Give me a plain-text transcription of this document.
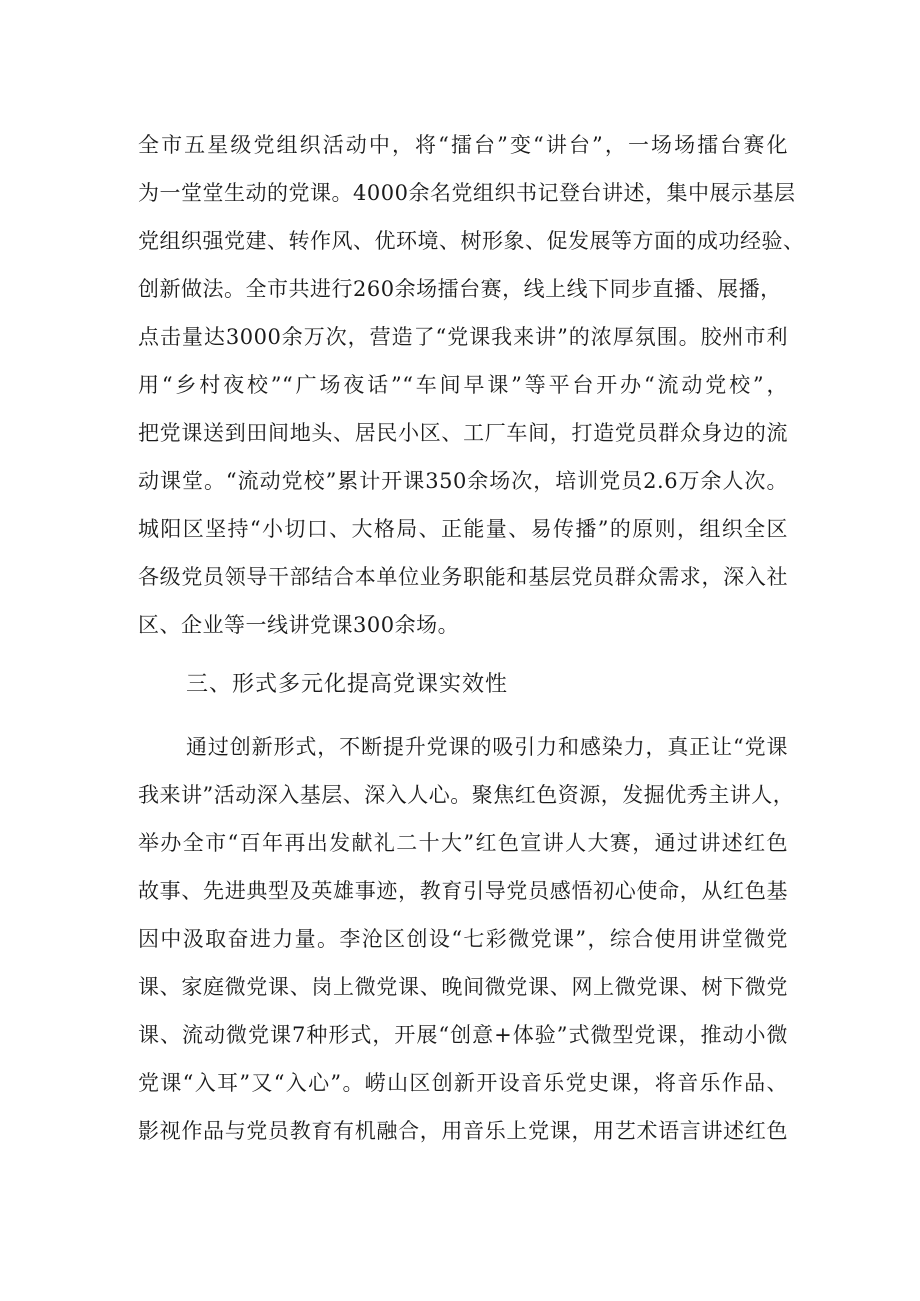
全市五星级党组织活动中，将“擂台”变“讲台”，一场场擂台赛化
为一堂堂生动的党课。4000余名党组织书记登台讲述，集中展示基层
党组织强党建、转作风、优环境、树形象、促发展等方面的成功经验、
创新做法。全市共进行260余场擂台赛，线上线下同步直播、展播，
点击量达3000余万次，营造了“党课我来讲”的浓厚氛围。胶州市利
用“乡村夜校”“广场夜话”“车间早课”等平台开办“流动党校”，
把党课送到田间地头、居民小区、工厂车间，打造党员群众身边的流
动课堂。“流动党校”累计开课350余场次，培训党员2.6万余人次。
城阳区坚持“小切口、大格局、正能量、易传播”的原则，组织全区
各级党员领导干部结合本单位业务职能和基层党员群众需求，深入社
区、企业等一线讲党课300余场。
三、形式多元化提高党课实效性
通过创新形式，不断提升党课的吸引力和感染力，真正让“党课
我来讲”活动深入基层、深入人心。聚焦红色资源，发掘优秀主讲人，
举办全市“百年再出发献礼二十大”红色宣讲人大赛，通过讲述红色
故事、先进典型及英雄事迹，教育引导党员感悟初心使命，从红色基
因中汲取奋进力量。李沧区创设“七彩微党课”，综合使用讲堂微党
课、家庭微党课、岗上微党课、晚间微党课、网上微党课、树下微党
课、流动微党课7种形式，开展“创意+体验”式微型党课，推动小微
党课“入耳”又“入心”。崂山区创新开设音乐党史课，将音乐作品、
影视作品与党员教育有机融合，用音乐上党课，用艺术语言讲述红色
